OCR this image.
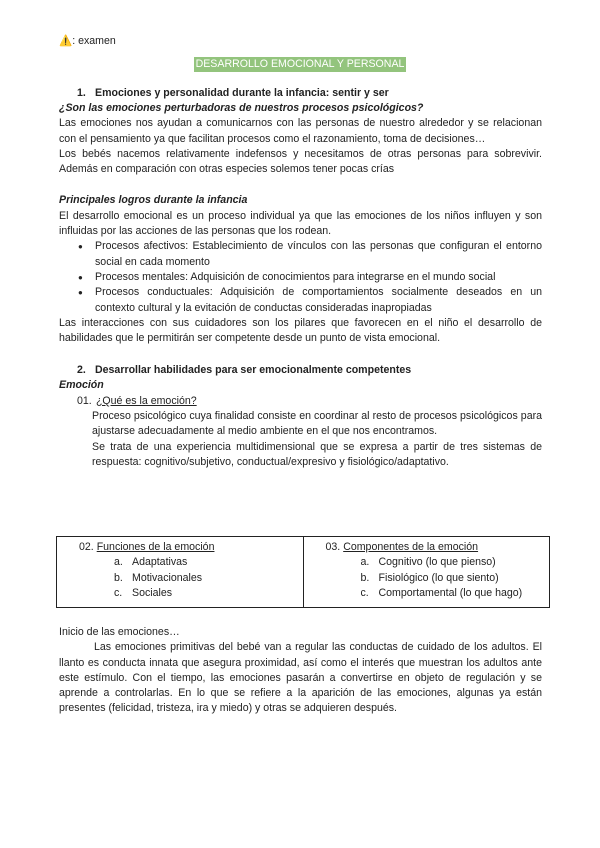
⚠️: examen
DESARROLLO EMOCIONAL Y PERSONAL
1. Emociones y personalidad durante la infancia: sentir y ser
¿Son las emociones perturbadoras de nuestros procesos psicológicos?

Las emociones nos ayudan a comunicarnos con las personas de nuestro alrededor y se relacionan con el pensamiento ya que facilitan procesos como el razonamiento, toma de decisiones…

Los bebés nacemos relativamente indefensos y necesitamos de otras personas para sobrevivir. Además en comparación con otras especies solemos tener pocas crías

Principales logros durante la infancia

El desarrollo emocional es un proceso individual ya que las emociones de los niños influyen y son influidas por las acciones de las personas que los rodean.

● Procesos afectivos: Establecimiento de vínculos con las personas que configuran el entorno social en cada momento
● Procesos mentales: Adquisición de conocimientos para integrarse en el mundo social
● Procesos conductuales: Adquisición de comportamientos socialmente deseados en un contexto cultural y la evitación de conductas consideradas inapropiadas

Las interacciones con sus cuidadores son los pilares que favorecen en el niño el desarrollo de habilidades que le permitirán ser competente desde un punto de vista emocional.

2. Desarrollar habilidades para ser emocionalmente competentes
Emoción
01. ¿Qué es la emoción?
Proceso psicológico cuya finalidad consiste en coordinar al resto de procesos psicológicos para ajustarse adecuadamente al medio ambiente en el que nos encontramos.
Se trata de una experiencia multidimensional que se expresa a partir de tres sistemas de respuesta: cognitivo/subjetivo, conductual/expresivo y fisiológico/adaptativo.
02. Funciones de la emoción
a. Adaptativas
b. Motivacionales
c. Sociales
03. Componentes de la emoción
a. Cognitivo (lo que pienso)
b. Fisiológico (lo que siento)
c. Comportamental (lo que hago)
Inicio de las emociones…

Las emociones primitivas del bebé van a regular las conductas de cuidado de los adultos. El llanto es conducta innata que asegura proximidad, así como el interés que muestran los adultos ante este estímulo. Con el tiempo, las emociones pasarán a convertirse en objeto de regulación y se aprende a controlarlas. En lo que se refiere a la aparición de las emociones, algunas ya están presentes (felicidad, tristeza, ira y miedo) y otras se adquieren después.
